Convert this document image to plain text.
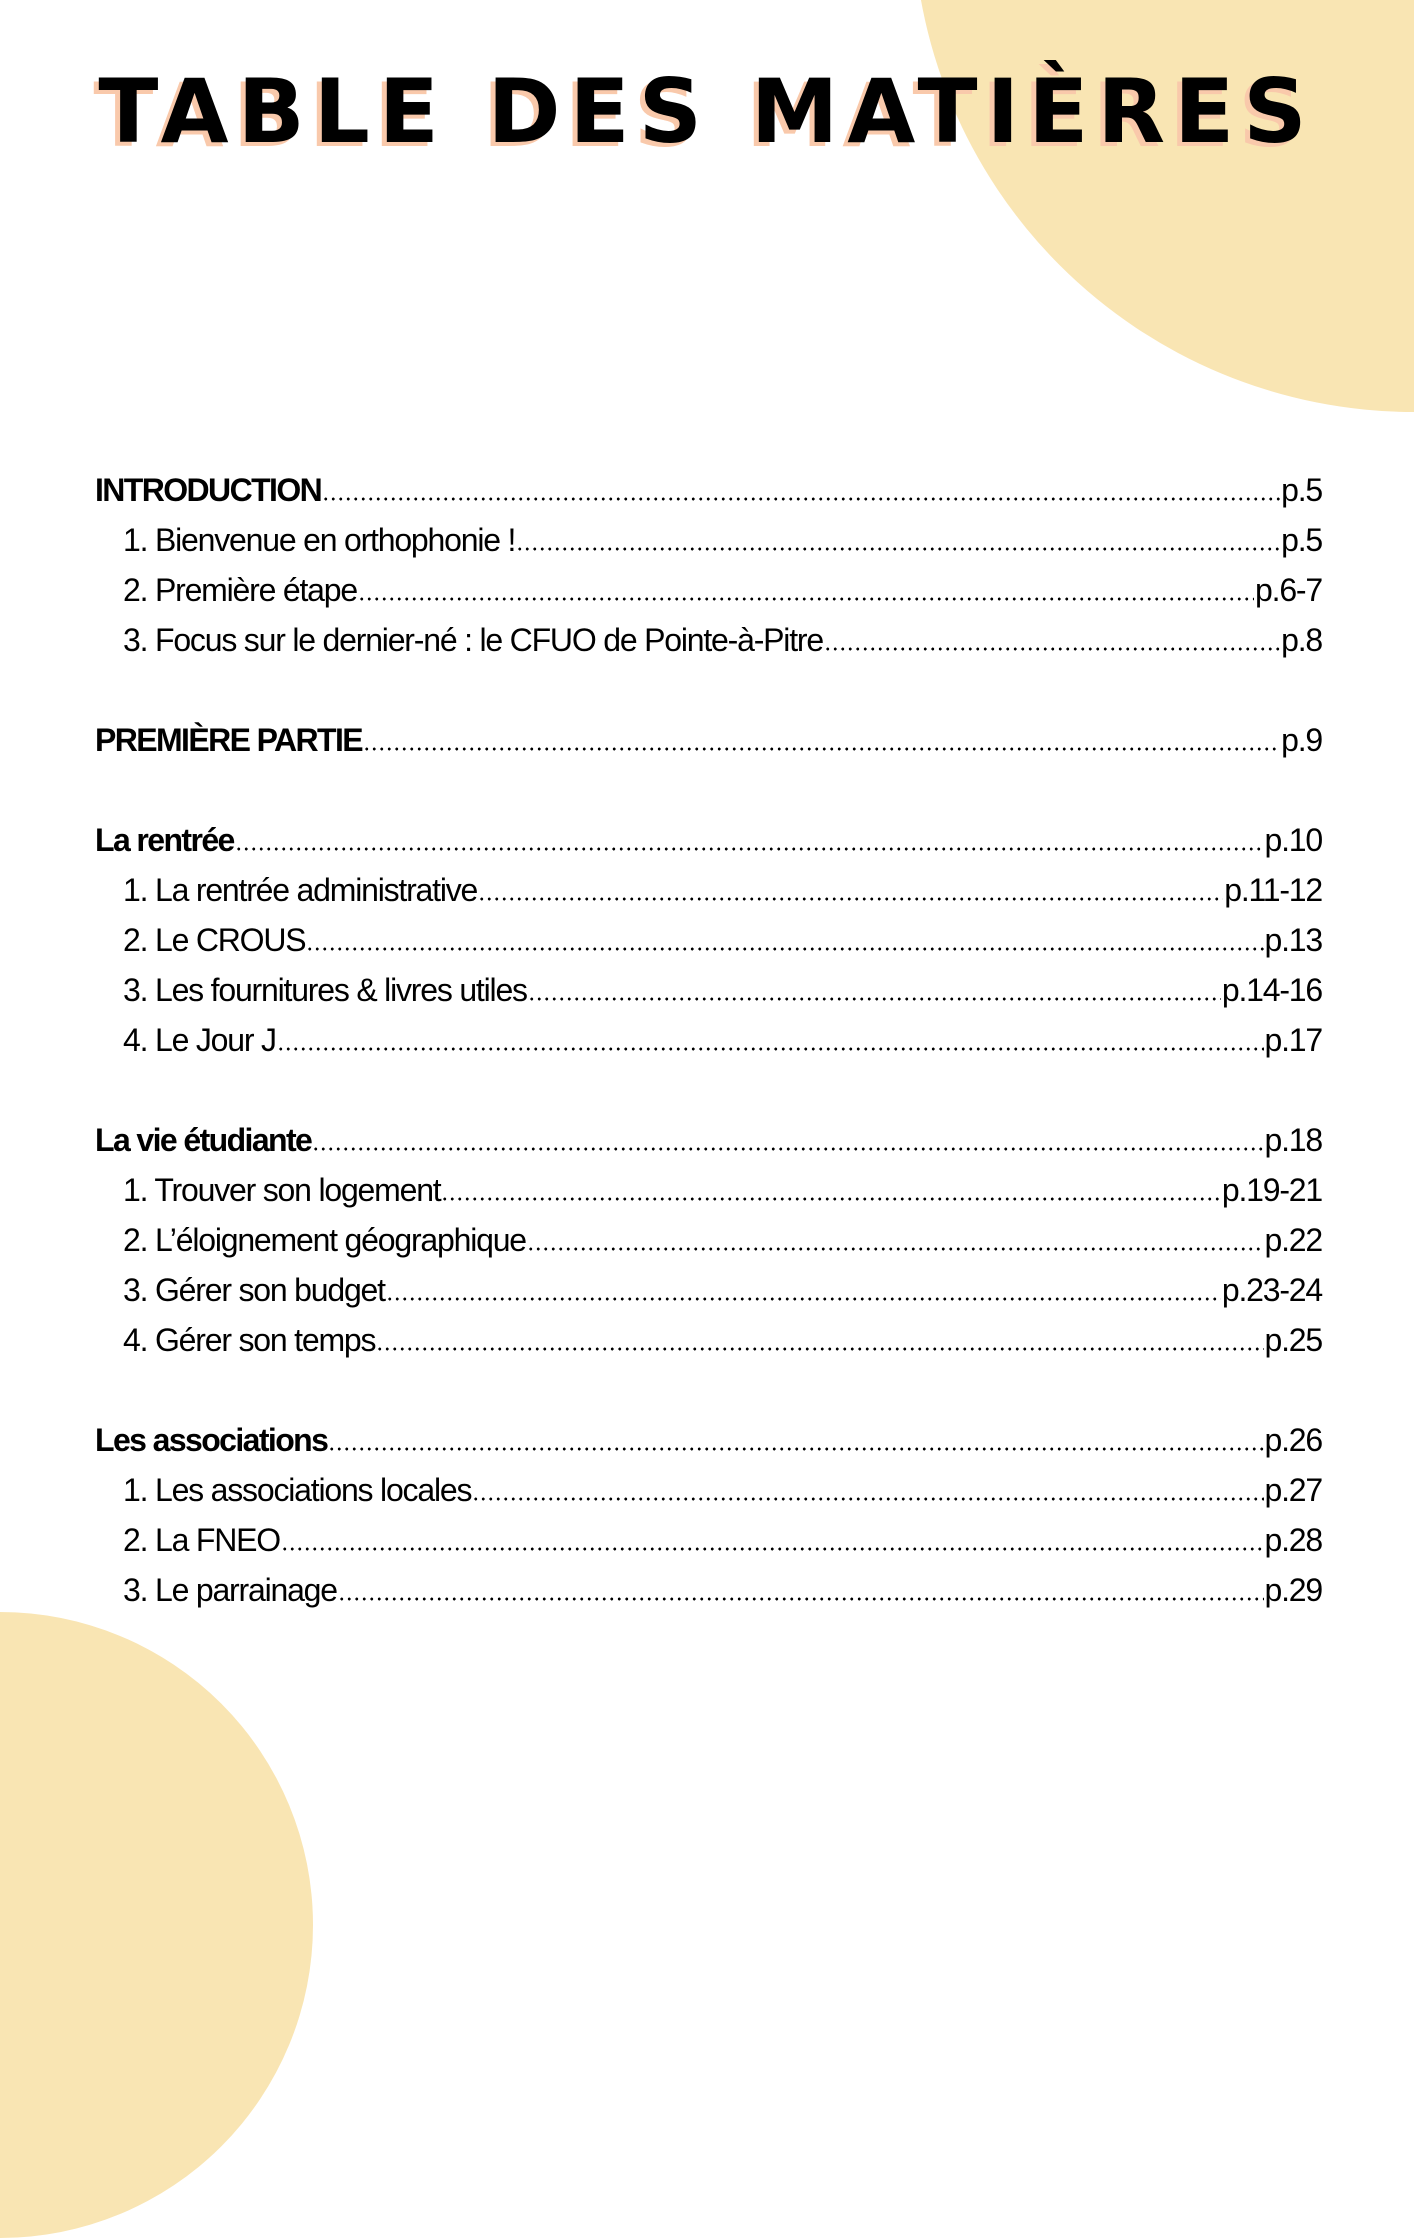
TABLE DES MATIÈRES
INTRODUCTION	p.5
1. Bienvenue en orthophonie !	p.5
2. Première étape	p.6-7
3. Focus sur le dernier-né : le CFUO de Pointe-à-Pitre	p.8
PREMIÈRE PARTIE	p.9
La rentrée	p.10
1. La rentrée administrative	p.11-12
2. Le CROUS	p.13
3. Les fournitures & livres utiles	p.14-16
4. Le Jour J	p.17
La vie étudiante	p.18
1. Trouver son logement	p.19-21
2. L’éloignement géographique	p.22
3. Gérer son budget	p.23-24
4. Gérer son temps	p.25
Les associations	p.26
1. Les associations locales	p.27
2. La FNEO	p.28
3. Le parrainage	p.29
